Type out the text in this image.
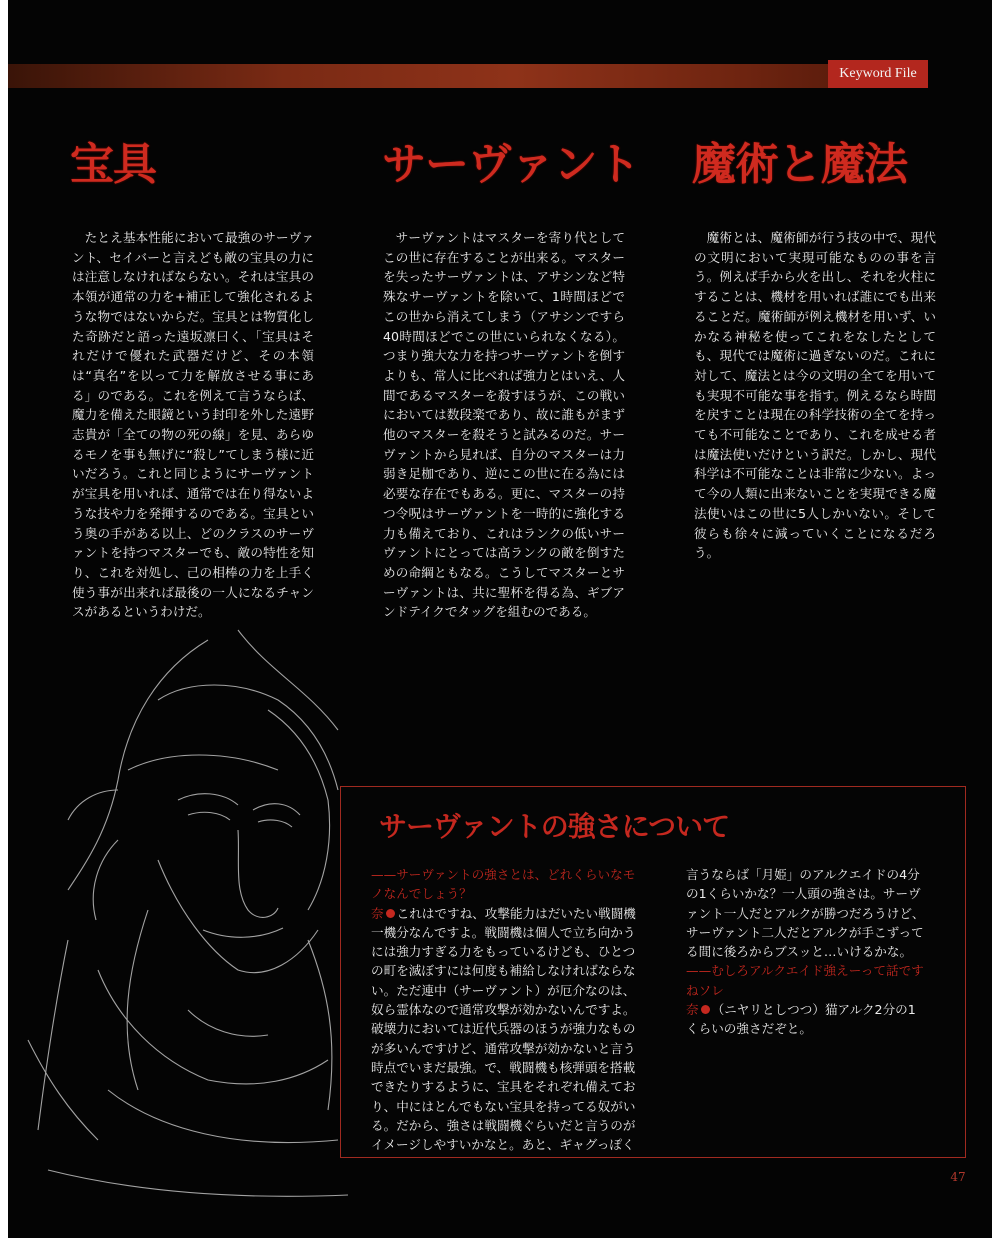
Keyword File
宝具	サーヴァント 魔術と魔法
たとえ基本性能において最強のサーヴァント、セイバーと言えども敵の宝具の力には注意しなければならない。それは宝具の本領が通常の力を+補正して強化されるような物ではないからだ。宝具とは物質化した奇跡だと語った遠坂凛曰く、「宝具はそれだけで優れた武器だけど、その本領は“真名”を以って力を解放させる事にある」のである。これを例えて言うならば、魔力を備えた眼鏡という封印を外した遠野志貴が「全ての物の死の線」を見、あらゆるモノを事も無げに“殺し”てしまう様に近いだろう。これと同じようにサーヴァントが宝具を用いれば、通常では在り得ないような技や力を発揮するのである。宝具という奥の手がある以上、どのクラスのサーヴァントを持つマスターでも、敵の特性を知り、これを対処し、己の相棒の力を上手く使う事が出来れば最後の一人になるチャンスがあるというわけだ。
サーヴァントはマスターを寄り代としてこの世に存在することが出来る。マスターを失ったサーヴァントは、アサシンなど特殊なサーヴァントを除いて、1時間ほどでこの世から消えてしまう（アサシンですら40時間ほどでこの世にいられなくなる）。つまり強大な力を持つサーヴァントを倒すよりも、常人に比べれば強力とはいえ、人間であるマスターを殺すほうが、この戦いにおいては数段楽であり、故に誰もがまず他のマスターを殺そうと試みるのだ。サーヴァントから見れば、自分のマスターは力弱き足枷であり、逆にこの世に在る為には必要な存在でもある。更に、マスターの持つ令呪はサーヴァントを一時的に強化する力も備えており、これはランクの低いサーヴァントにとっては高ランクの敵を倒すための命綱ともなる。こうしてマスターとサーヴァントは、共に聖杯を得る為、ギブアンドテイクでタッグを組むのである。
魔術とは、魔術師が行う技の中で、現代の文明において実現可能なものの事を言う。例えば手から火を出し、それを火柱にすることは、機材を用いれば誰にでも出来ることだ。魔術師が例え機材を用いず、いかなる神秘を使ってこれをなしたとしても、現代では魔術に過ぎないのだ。これに対して、魔法とは今の文明の全てを用いても実現不可能な事を指す。例えるなら時間を戻すことは現在の科学技術の全てを持っても不可能なことであり、これを成せる者は魔法使いだけという訳だ。しかし、現代科学は不可能なことは非常に少ない。よって今の人類に出来ないことを実現できる魔法使いはこの世に5人しかいない。そして彼らも徐々に減っていくことになるだろう。
サーヴァントの強さについて
——サーヴァントの強さとは、どれくらいなモノなんでしょう？
奈 これはですね、攻撃能力はだいたい戦闘機一機分なんですよ。戦闘機は個人で立ち向かうには強力すぎる力をもっているけども、ひとつの町を滅ぼすには何度も補給しなければならない。ただ連中（サーヴァント）が厄介なのは、奴ら霊体なので通常攻撃が効かないんですよ。破壊力においては近代兵器のほうが強力なものが多いんですけど、通常攻撃が効かないと言う時点でいまだ最強。で、戦闘機も核弾頭を搭載できたりするように、宝具をそれぞれ備えており、中にはとんでもない宝具を持ってる奴がいる。だから、強さは戦闘機ぐらいだと言うのがイメージしやすいかなと。あと、ギャグっぽく
言うならば「月姫」のアルクエイドの4分の1くらいかな？一人頭の強さは。サーヴァント一人だとアルクが勝つだろうけど、サーヴァント二人だとアルクが手こずってる間に後ろからブスッと…いけるかな。
——むしろアルクエイド強えーって話ですねソレ
奈 （ニヤリとしつつ）猫アルク2分の1くらいの強さだぞと。
47
